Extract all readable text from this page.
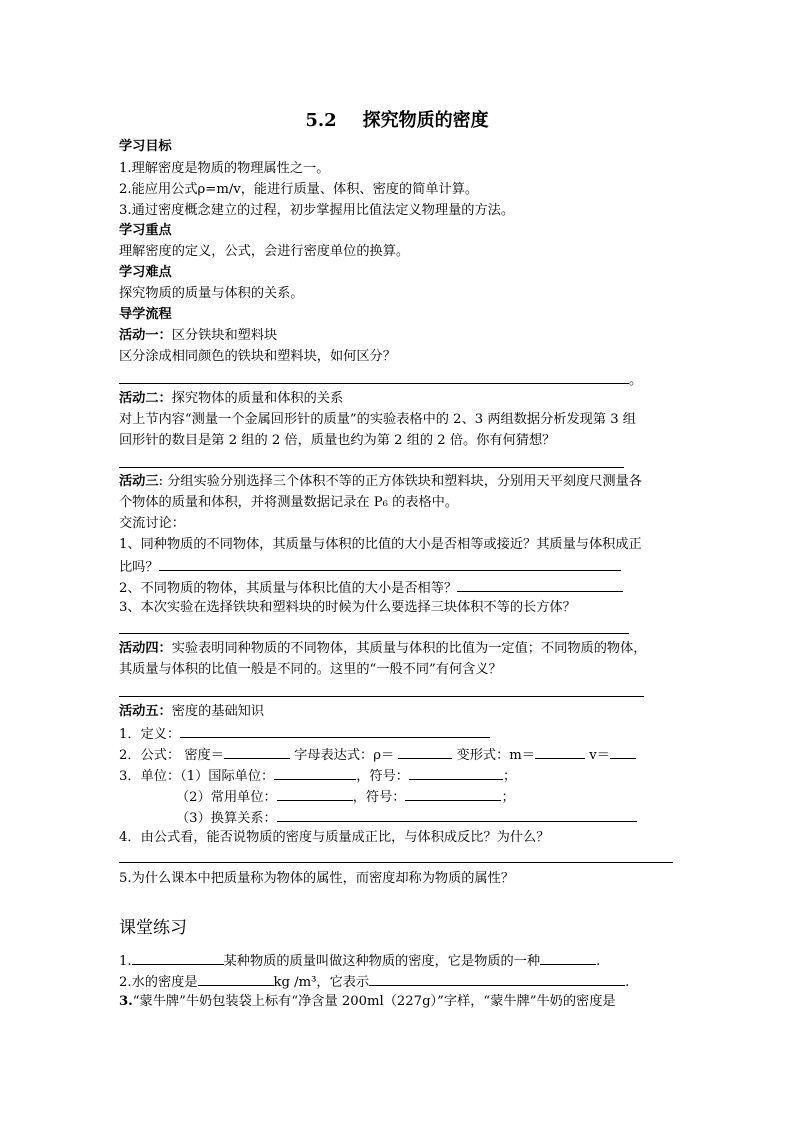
5.2 探究物质的密度
学习目标
1.理解密度是物质的物理属性之一。
2.能应用公式ρ=m/v，能进行质量、体积、密度的简单计算。
3.通过密度概念建立的过程，初步掌握用比值法定义物理量的方法。
学习重点
理解密度的定义，公式，会进行密度单位的换算。
学习难点
探究物质的质量与体积的关系。
导学流程
活动一：区分铁块和塑料块
区分涂成相同颜色的铁块和塑料块，如何区分？
。
活动二：探究物体的质量和体积的关系
对上节内容“测量一个金属回形针的质量”的实验表格中的 2、3 两组数据分析发现第 3 组
回形针的数目是第 2 组的 2 倍，质量也约为第 2 组的 2 倍。你有何猜想？
活动三: 分组实验分别选择三个体积不等的正方体铁块和塑料块，分别用天平刻度尺测量各
个物体的质量和体积，并将测量数据记录在 P₆ 的表格中。
交流讨论：
1、同种物质的不同物体，其质量与体积的比值的大小是否相等或接近？其质量与体积成正
比吗？
2、不同物质的物体，其质量与体积比值的大小是否相等？
3、本次实验在选择铁块和塑料块的时候为什么要选择三块体积不等的长方体？
活动四：实验表明同种物质的不同物体，其质量与体积的比值为一定值；不同物质的物体，
其质量与体积的比值一般是不同的。这里的“一般不同”有何含义？
活动五：密度的基础知识
1．定义：
2．公式： 密度＝	字母表达式：ρ＝	变形式：m＝	v＝
3．单位：（1）国际单位：	，符号：	；
（2）常用单位：	，符号：	；
（3）换算关系：
4．由公式看，能否说物质的密度与质量成正比，与体积成反比？为什么？
5.为什么课本中把质量称为物体的属性，而密度却称为物质的属性？
课堂练习
1.	某种物质的质量叫做这种物质的密度，它是物质的一种	.
2.水的密度是	kg /m³，它表示	.
3.“蒙牛牌”牛奶包装袋上标有“净含量 200ml（227g）”字样，“蒙牛牌”牛奶的密度是
